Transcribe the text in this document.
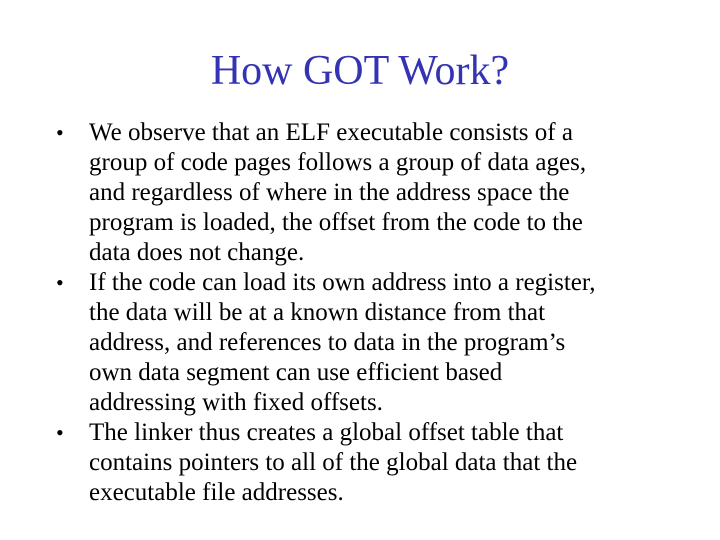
How GOT Work?
•	We observe that an ELF executable consists of a
group of code pages follows a group of data ages,
and regardless of where in the address space the
program is loaded, the offset from the code to the
data does not change.
•	If the code can load its own address into a register,
the data will be at a known distance from that
address, and references to data in the program’s
own data segment can use efficient based
addressing with fixed offsets.
•	The linker thus creates a global offset table that
contains pointers to all of the global data that the
executable file addresses.
